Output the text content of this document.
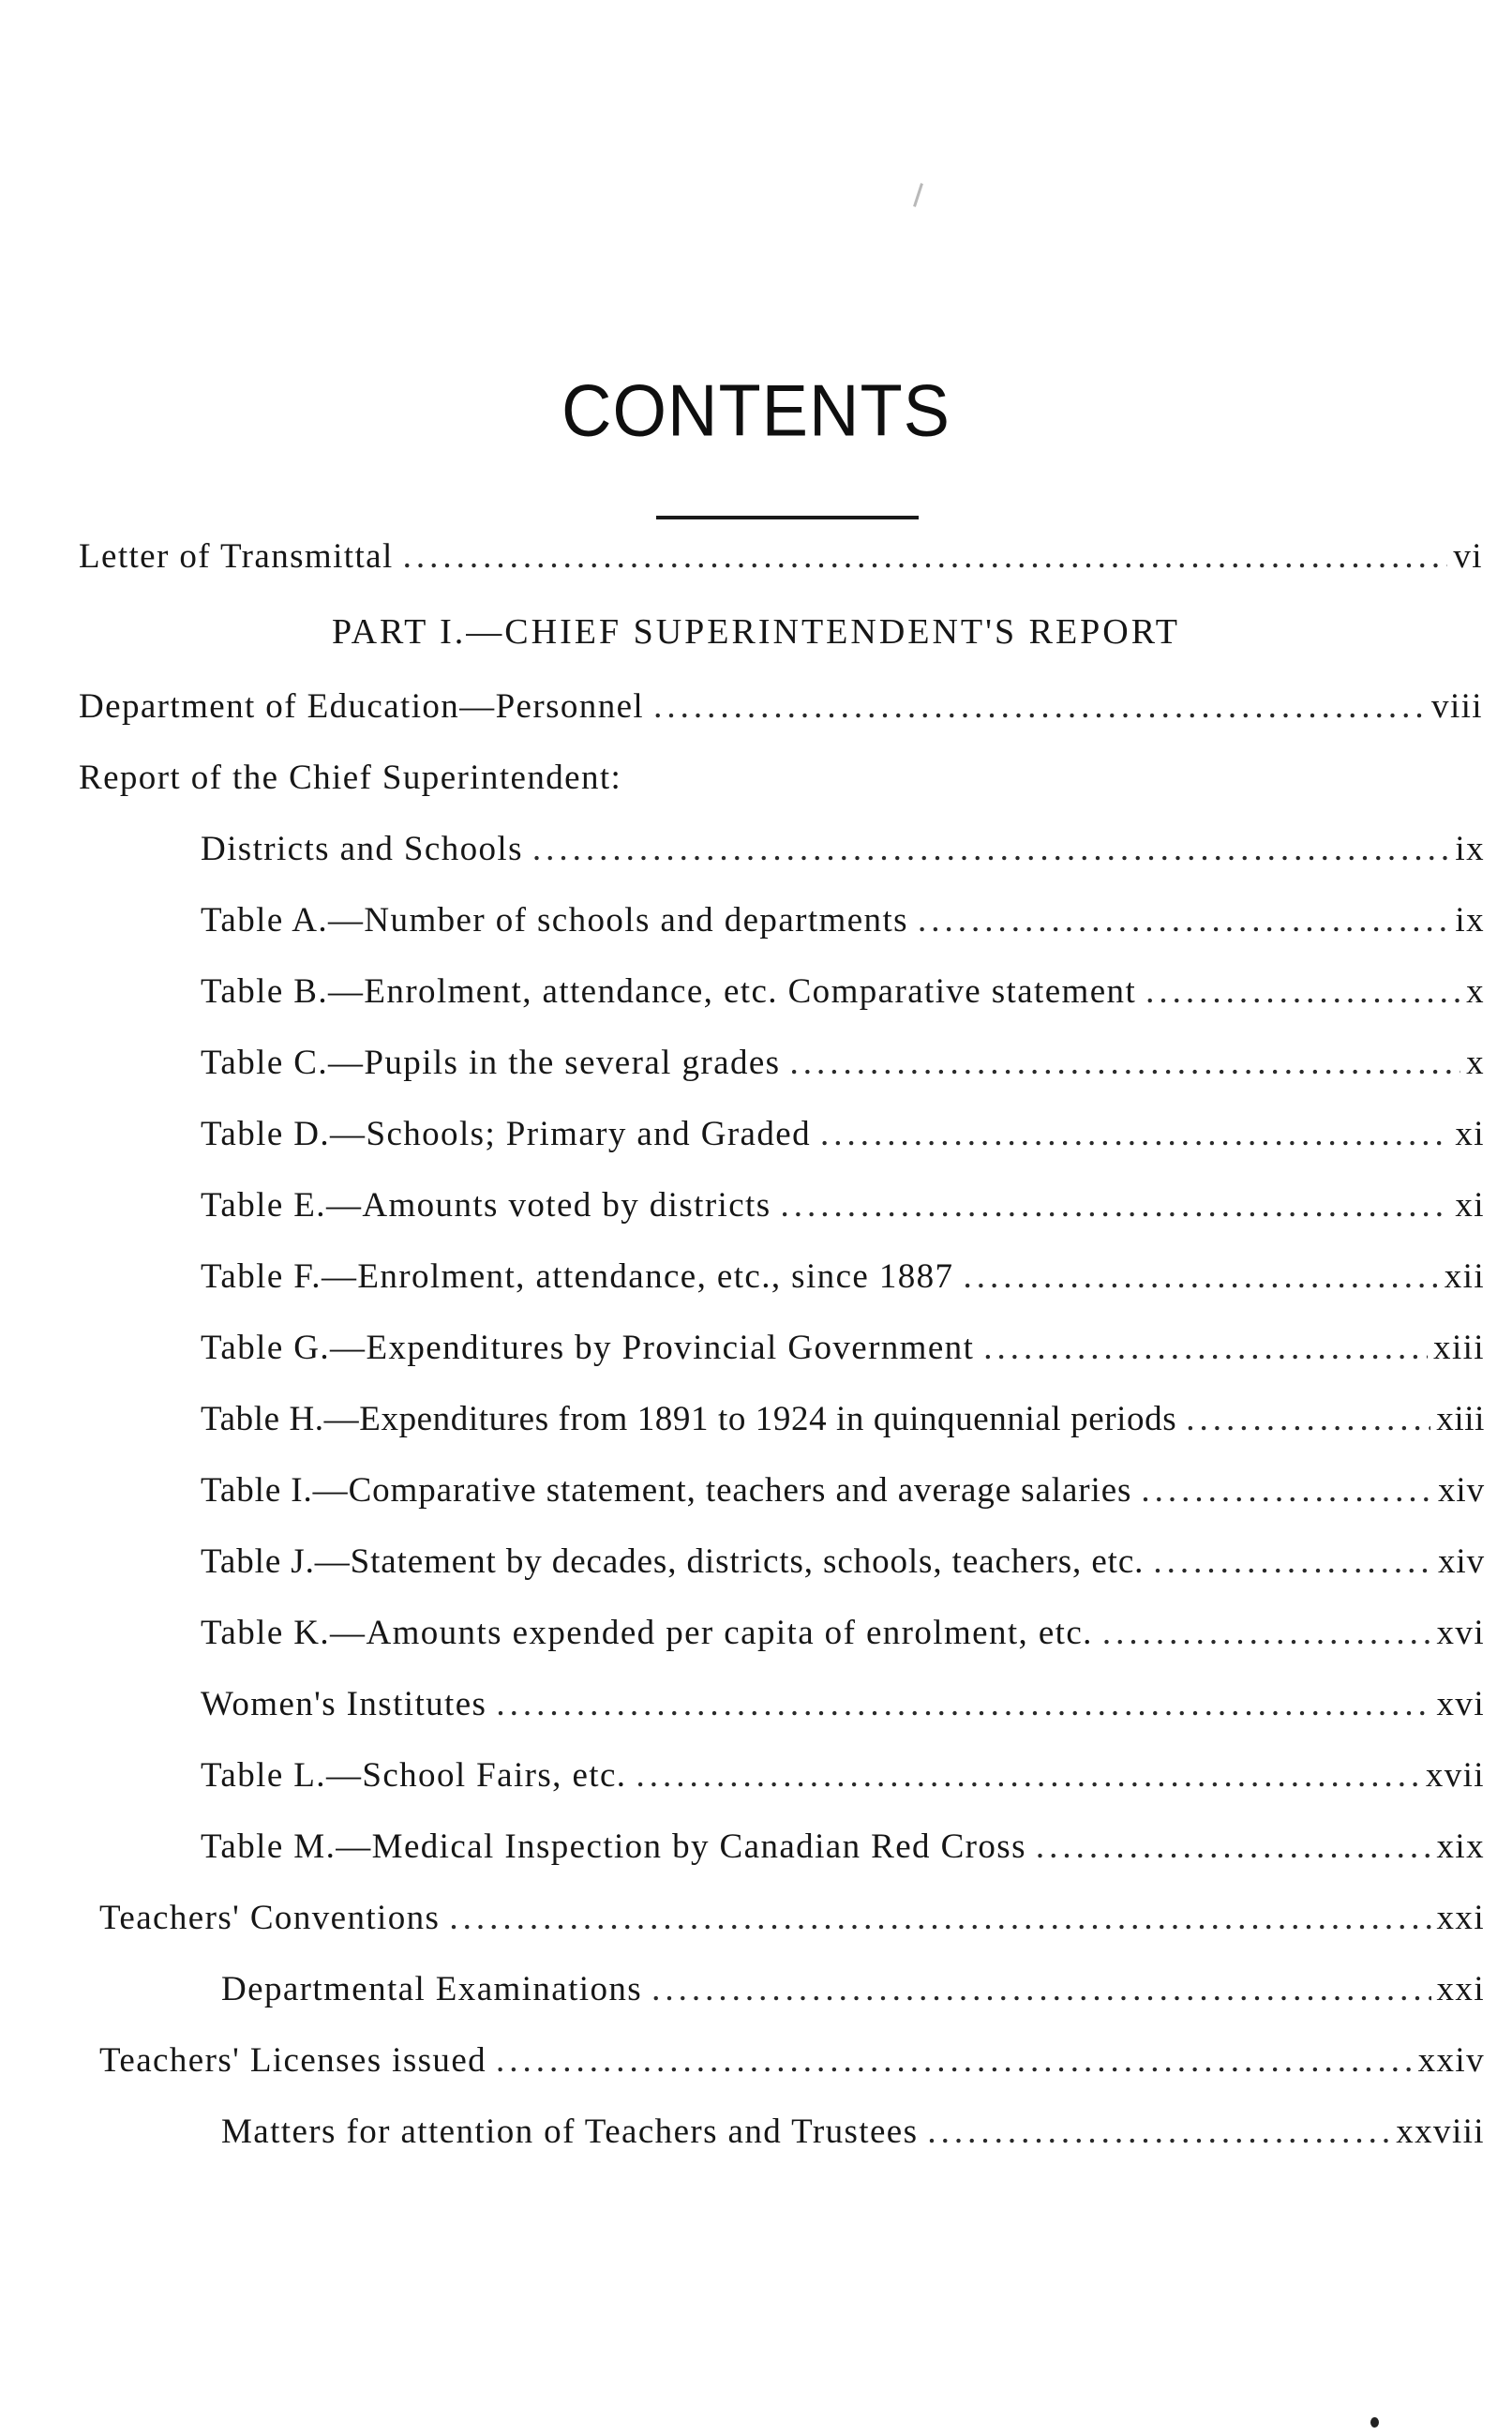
CONTENTS
Letter of Transmittal .....	vi
PART I.—CHIEF SUPERINTENDENT'S REPORT
Department of Education—Personnel .....	viii
Report of the Chief Superintendent:
Districts and Schools .....	ix
Table A.—Number of schools and departments .....	ix
Table B.—Enrolment, attendance, etc. Comparative statement .....	x
Table C.—Pupils in the several grades .....	x
Table D.—Schools; Primary and Graded .....	xi
Table E.—Amounts voted by districts .....	xi
Table F.—Enrolment, attendance, etc., since 1887 .....	xii
Table G.—Expenditures by Provincial Government .....	xiii
Table H.—Expenditures from 1891 to 1924 in quinquennial periods .....	xiii
Table I.—Comparative statement, teachers and average salaries .....	xiv
Table J.—Statement by decades, districts, schools, teachers, etc. .....	xiv
Table K.—Amounts expended per capita of enrolment, etc. .....	xvi
Women's Institutes .....	xvi
Table L.—School Fairs, etc. .....	xvii
Table M.—Medical Inspection by Canadian Red Cross .....	xix
Teachers' Conventions .....	xxi
Departmental Examinations .....	xxi
Teachers' Licenses issued .....	xxiv
Matters for attention of Teachers and Trustees .....	xxviii
